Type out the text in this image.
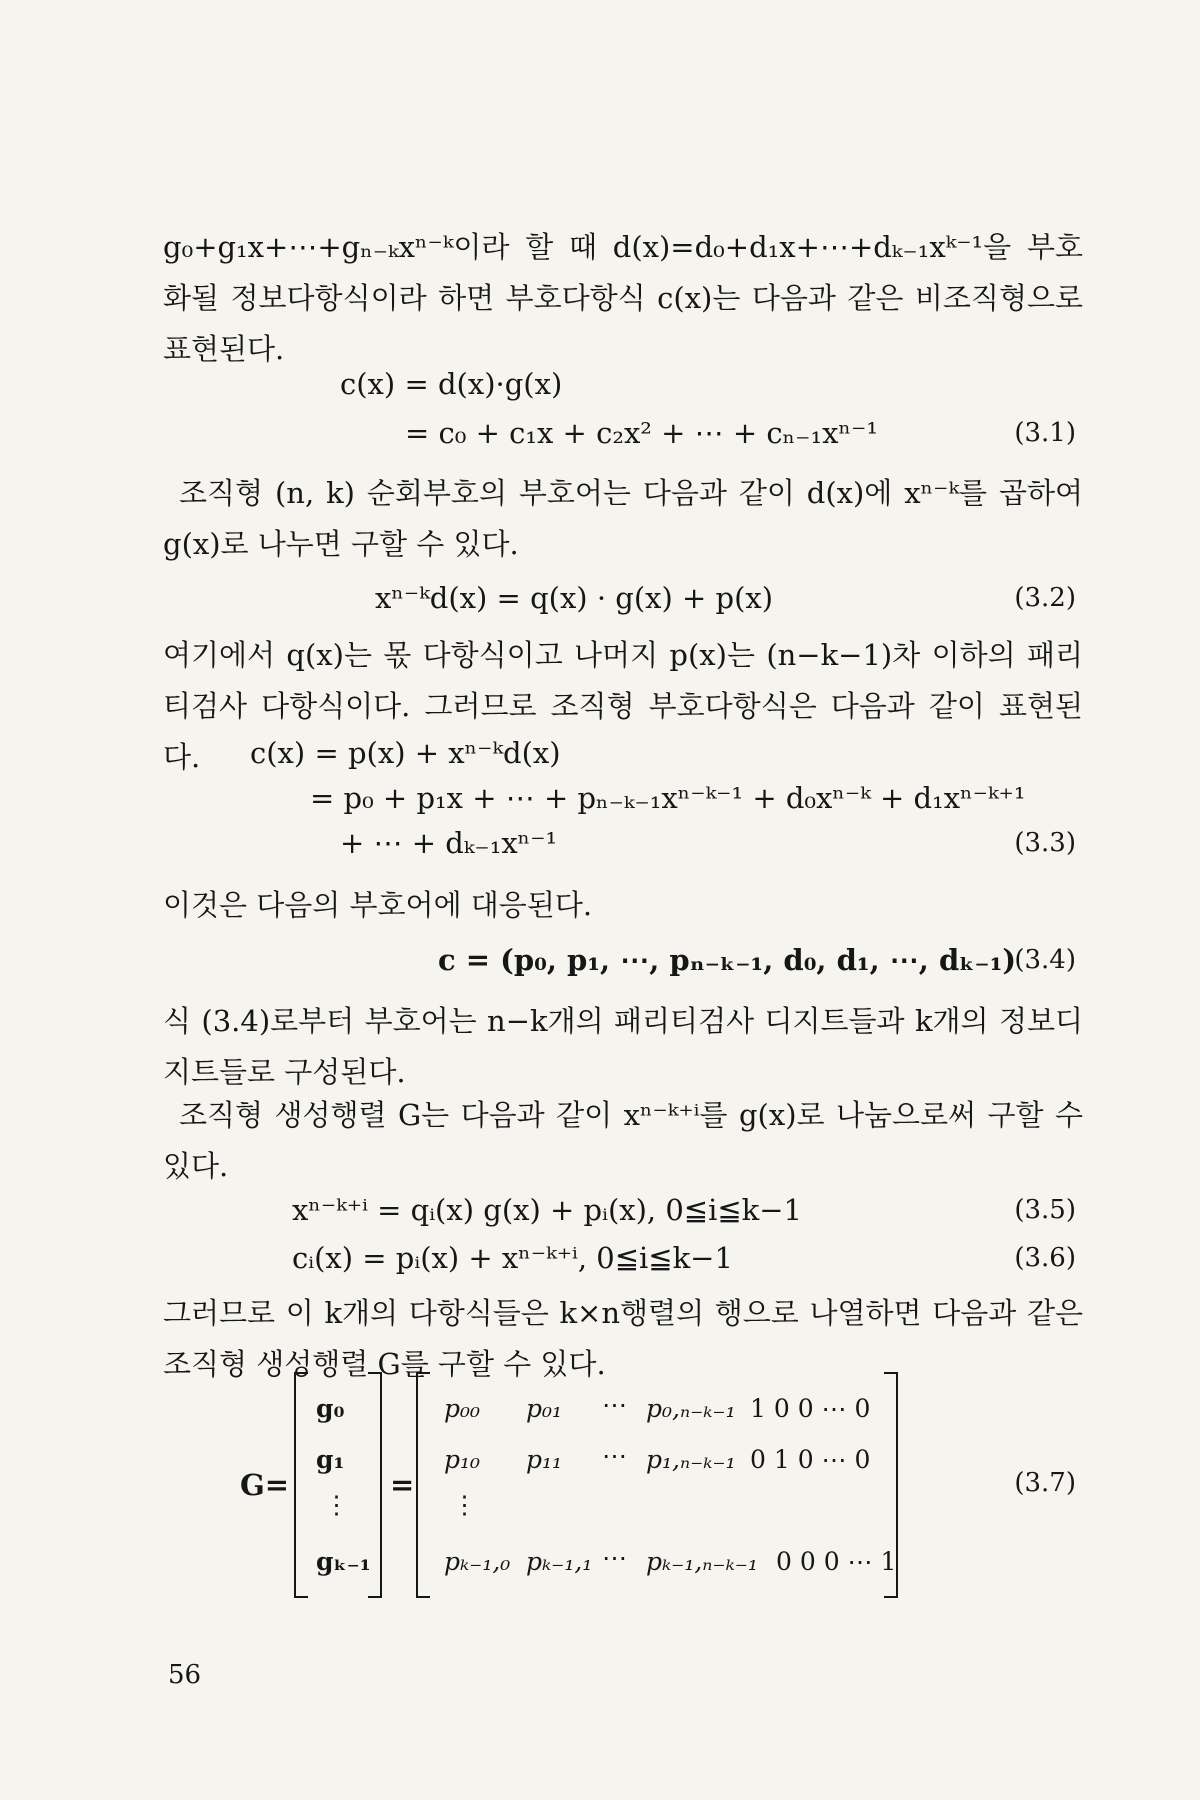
g₀+g₁x+⋯+gₙ₋ₖxⁿ⁻ᵏ이라 할 때 d(x)=d₀+d₁x+⋯+dₖ₋₁xᵏ⁻¹을 부호화될 정보다항식이라 하면 부호다항식 c(x)는 다음과 같은 비조직형으로 표현된다.
c(x) = d(x)·g(x)
= c₀ + c₁x + c₂x² + ⋯ + cₙ₋₁xⁿ⁻¹	(3.1)
조직형 (n, k) 순회부호의 부호어는 다음과 같이 d(x)에 xⁿ⁻ᵏ를 곱하여 g(x)로 나누면 구할 수 있다.
xⁿ⁻ᵏd(x) = q(x) · g(x) + p(x)	(3.2)
여기에서 q(x)는 몫 다항식이고 나머지 p(x)는 (n−k−1)차 이하의 패리티검사 다항식이다. 그러므로 조직형 부호다항식은 다음과 같이 표현된다.	c(x) = p(x) + xⁿ⁻ᵏd(x)
= p₀ + p₁x + ⋯ + pₙ₋ₖ₋₁xⁿ⁻ᵏ⁻¹ + d₀xⁿ⁻ᵏ + d₁xⁿ⁻ᵏ⁺¹
+ ⋯ + dₖ₋₁xⁿ⁻¹	(3.3)
이것은 다음의 부호어에 대응된다.
c = (p₀, p₁, ⋯, pₙ₋ₖ₋₁, d₀, d₁, ⋯, dₖ₋₁)
(3.4)
식 (3.4)로부터 부호어는 n−k개의 패리티검사 디지트들과 k개의 정보디지트들로 구성된다.
조직형 생성행렬 G는 다음과 같이 xⁿ⁻ᵏ⁺ⁱ를 g(x)로 나눔으로써 구할 수 있다.
xⁿ⁻ᵏ⁺ⁱ = qᵢ(x) g(x) + pᵢ(x), 0≦i≦k−1	(3.5)
cᵢ(x) = pᵢ(x) + xⁿ⁻ᵏ⁺ⁱ, 0≦i≦k−1	(3.6)
그러므로 이 k개의 다항식들은 k×n행렬의 행으로 나열하면 다음과 같은 조직형 생성행렬 G를 구할 수 있다.
G=
g₀
g₁
⋮
gₖ₋₁
=
p₀₀ p₀₁ ⋯ p₀,ₙ₋ₖ₋₁ 1 0 0 ⋯ 0
p₁₀ p₁₁ ⋯ p₁,ₙ₋ₖ₋₁ 0 1 0 ⋯ 0
⋮
pₖ₋₁,₀ pₖ₋₁,₁ ⋯ pₖ₋₁,ₙ₋ₖ₋₁ 0 0 0 ⋯ 1
(3.7)
56
